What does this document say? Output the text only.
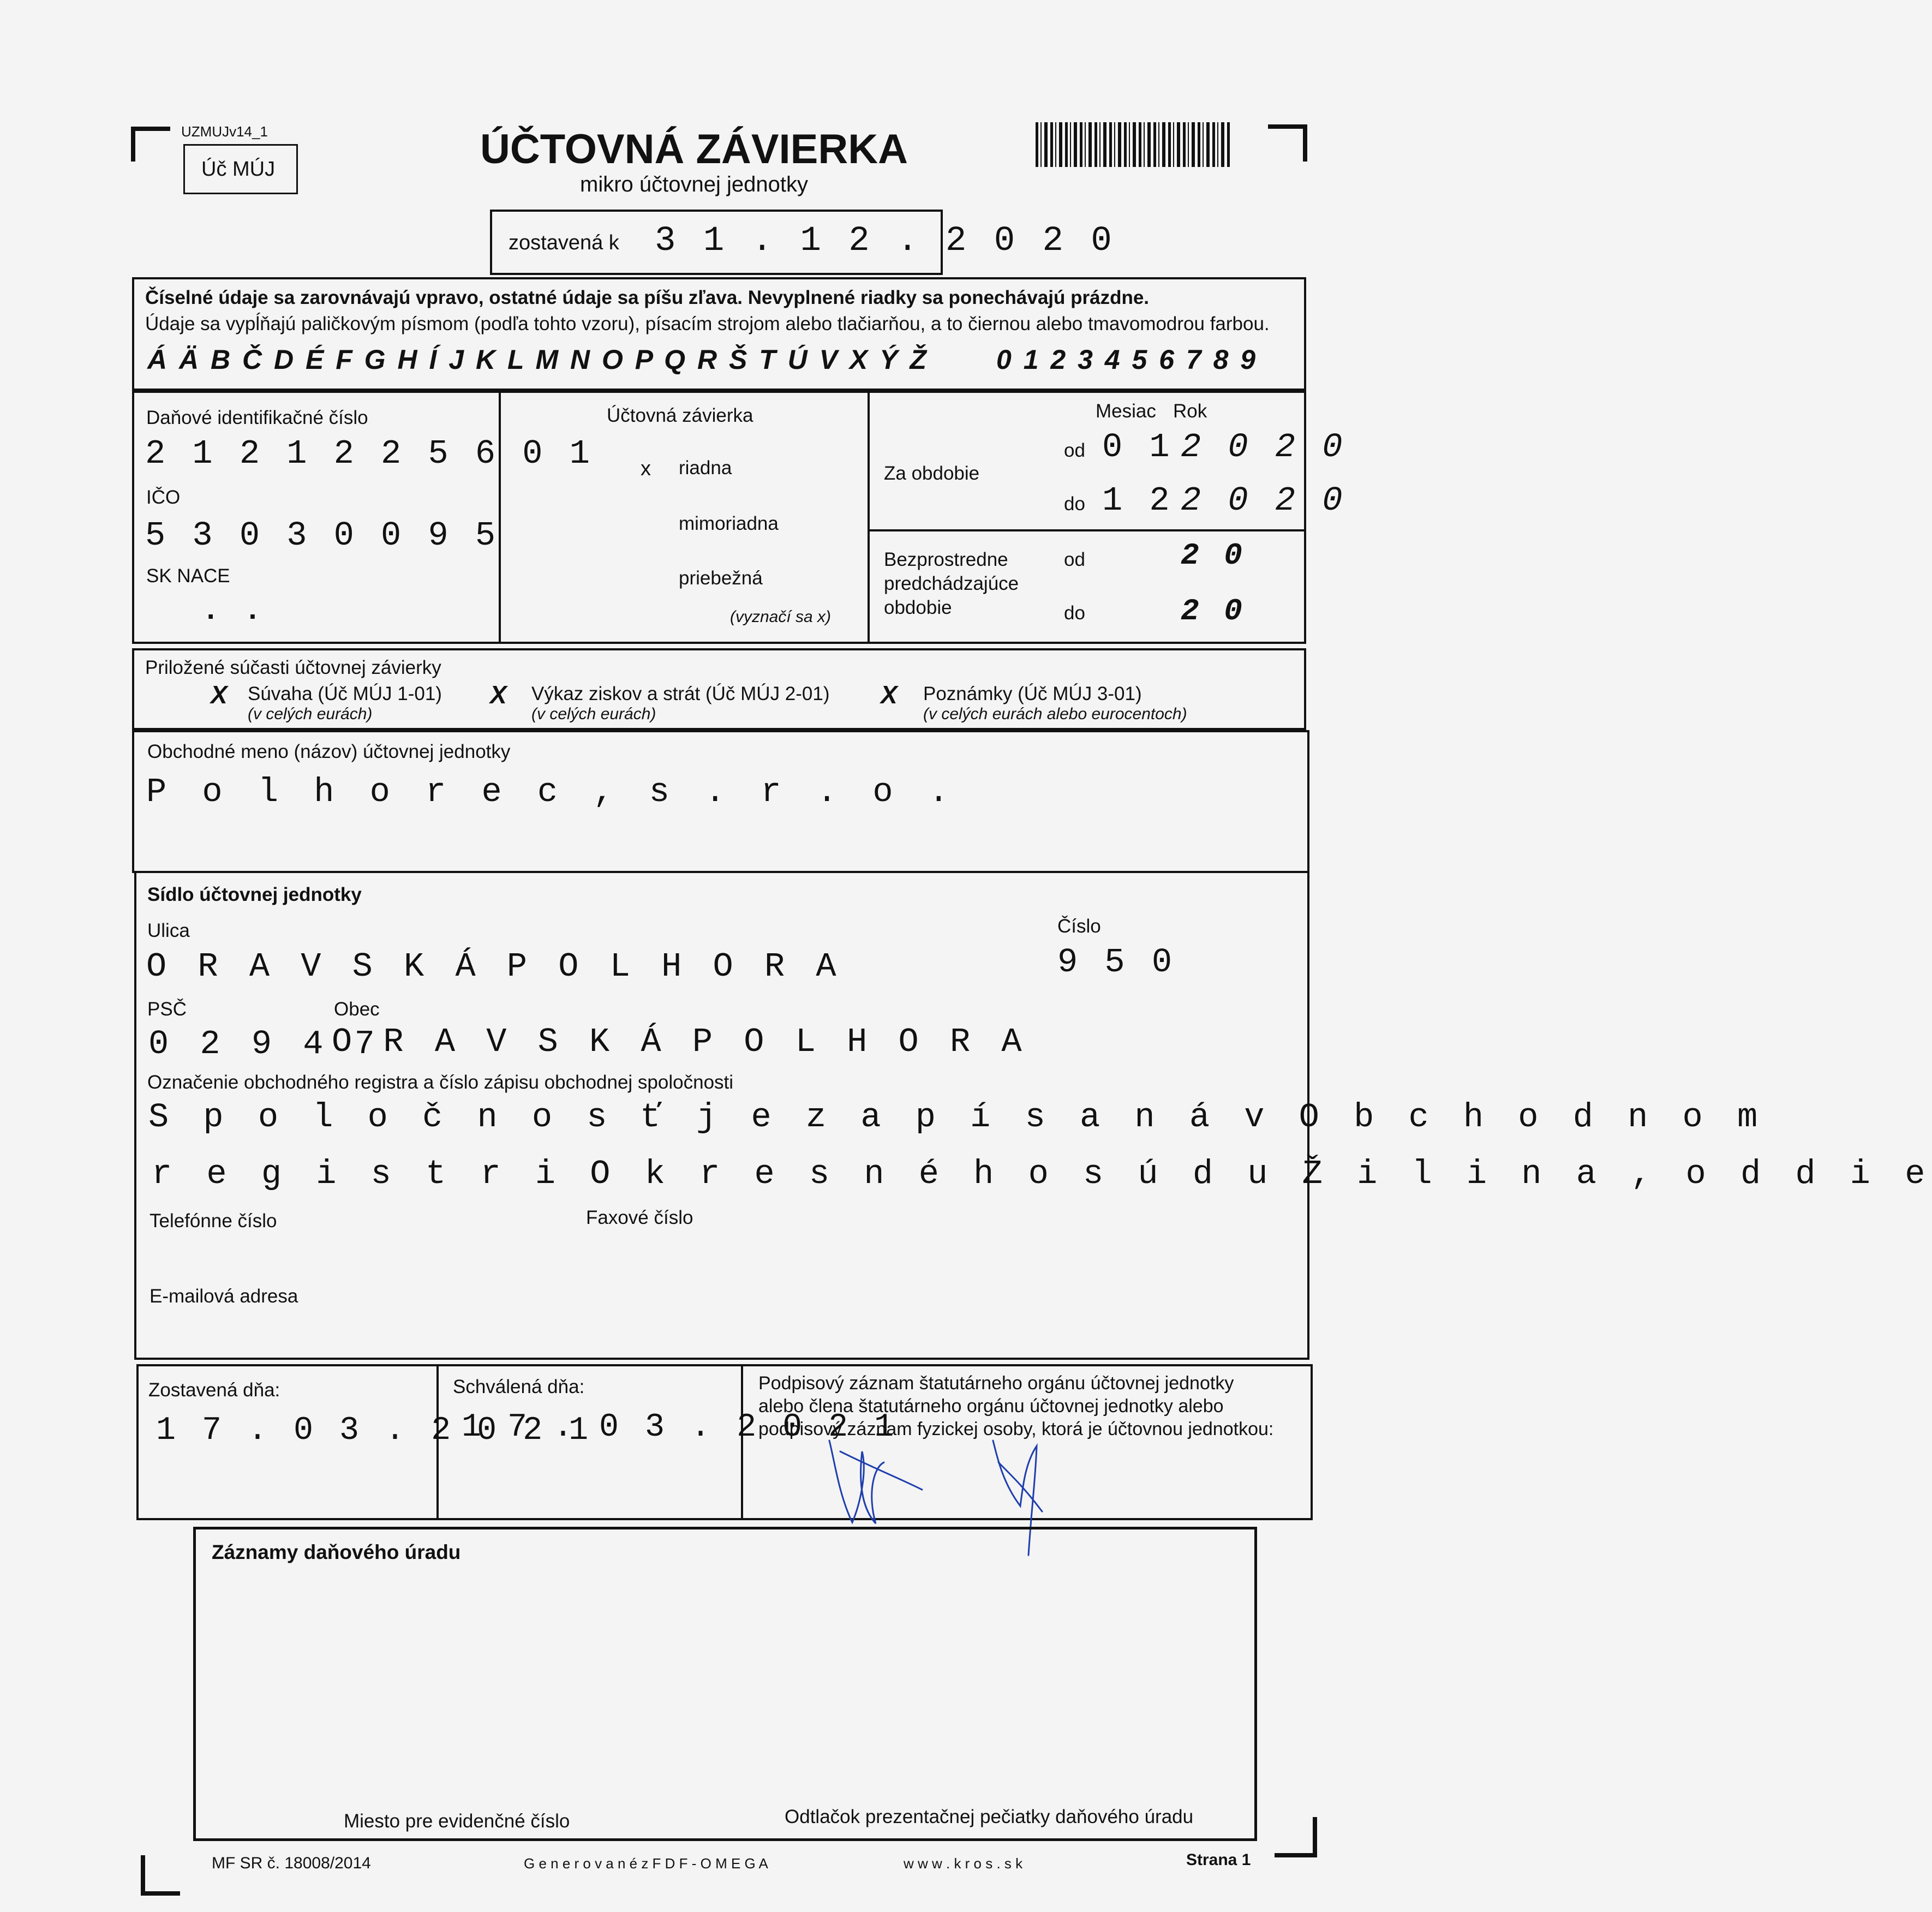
UZMUJv14_1
Úč MÚJ	ÚČTOVNÁ ZÁVIERKA
mikro účtovnej jednotky
zostavená k 3 1 . 1 2 . 2 0 2 0
Číselné údaje sa zarovnávajú vpravo, ostatné údaje sa píšu zľava. Nevyplnené riadky sa ponechávajú prázdne.
Údaje sa vypĺňajú paličkovým písmom (podľa tohto vzoru), písacím strojom alebo tlačiarňou, a to čiernou alebo tmavomodrou farbou.
Á Ä B Č D É F G H Í J K L M N O P Q R Š T Ú V X Ý Ž 0 1 2 3 4 5 6 7 8 9
Daňové identifikačné číslo
2 1 2 1 2 2 5 6 0 1
IČO
5 3 0 3 0 0 9 5
SK NACE
. .
Účtovná závierka
x riadna
mimoriadna
priebežná
(vyznačí sa x)
Mesiac Rok
Za obdobie
od 0 1 2 0 2 0
do 1 2 2 0 2 0
Bezprostredne
predchádzajúce
obdobie
od	2 0
do	2 0
Priložené súčasti účtovnej závierky
X Súvaha (Úč MÚJ 1-01)
(v celých eurách)
X Výkaz ziskov a strát (Úč MÚJ 2-01)
(v celých eurách)
X Poznámky (Úč MÚJ 3-01)
(v celých eurách alebo eurocentoch)
Obchodné meno (názov) účtovnej jednotky
P o l h o r e c , s . r . o .
Sídlo účtovnej jednotky
Ulica
O R A V S K Á P O L H O R A
Číslo
9 5 0
PSČ	Obec
0 2 9 4 7
O R A V S K Á P O L H O R A
Označenie obchodného registra a číslo zápisu obchodnej spoločnosti
S p o l o č n o s ť j e z a p í s a n á v O b c h o d n o m
r e g i s t r i O k r e s n é h o s ú d u Ž i l i n a , o d d i e
Telefónne číslo	Faxové číslo
E-mailová adresa
Zostavená dňa:
1 7 . 0 3 . 2 0 2 1
Schválená dňa:
1 7 . 0 3 . 2 0 2 1
Podpisový záznam štatutárneho orgánu účtovnej jednotky
alebo člena štatutárneho orgánu účtovnej jednotky alebo
podpisový záznam fyzickej osoby, ktorá je účtovnou jednotkou:
Záznamy daňového úradu
Miesto pre evidenčné číslo	Odtlačok prezentačnej pečiatky daňového úradu
MF SR č. 18008/2014	G e n e r o v a n é z F D F - O M E G A	w w w . k r o s . s k	Strana 1
